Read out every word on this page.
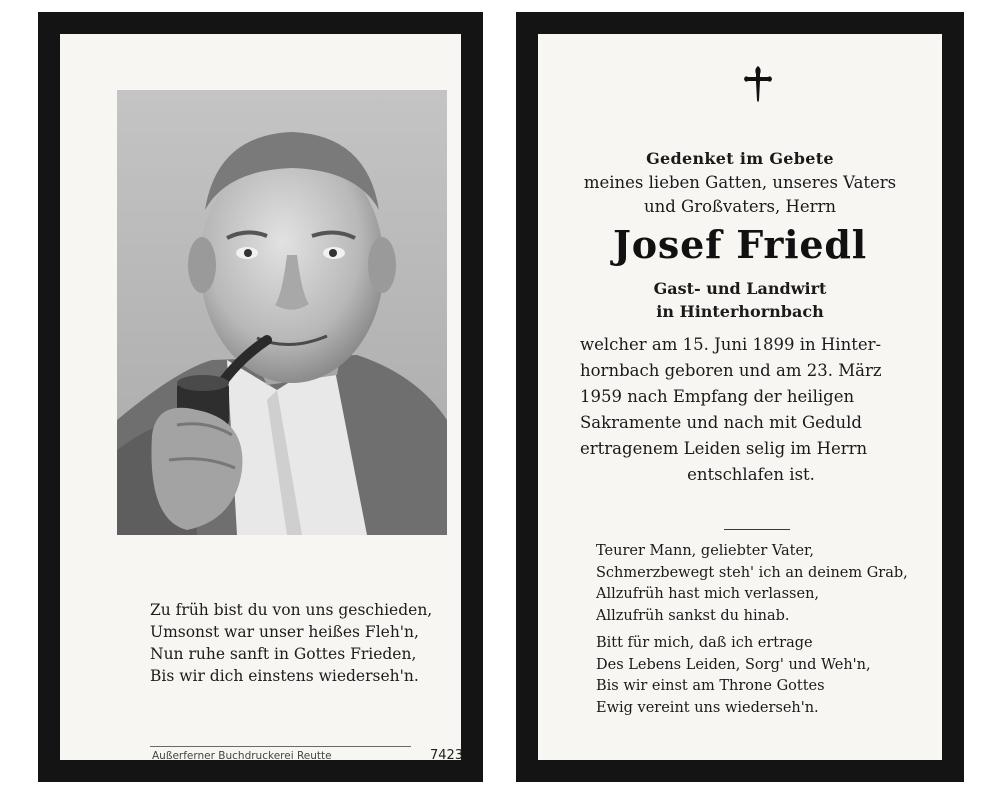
Zu früh bist du von uns geschieden,
Umsonst war unser heißes Fleh'n,
Nun ruhe sanft in Gottes Frieden,
Bis wir dich einstens wiederseh'n.
Außerferner Buchdruckerei Reutte	7423
Gedenket im Gebete
meines lieben Gatten, unseres Vaters
und Großvaters, Herrn
Josef Friedl
Gast- und Landwirt
in Hinterhornbach
welcher am 15. Juni 1899 in Hinter-
hornbach geboren und am 23. März
1959 nach Empfang der heiligen
Sakramente und nach mit Geduld
ertragenem Leiden selig im Herrn
entschlafen ist.
Teurer Mann, geliebter Vater,
Schmerzbewegt steh' ich an deinem Grab,
Allzufrüh hast mich verlassen,
Allzufrüh sankst du hinab.
Bitt für mich, daß ich ertrage
Des Lebens Leiden, Sorg' und Weh'n,
Bis wir einst am Throne Gottes
Ewig vereint uns wiederseh'n.
